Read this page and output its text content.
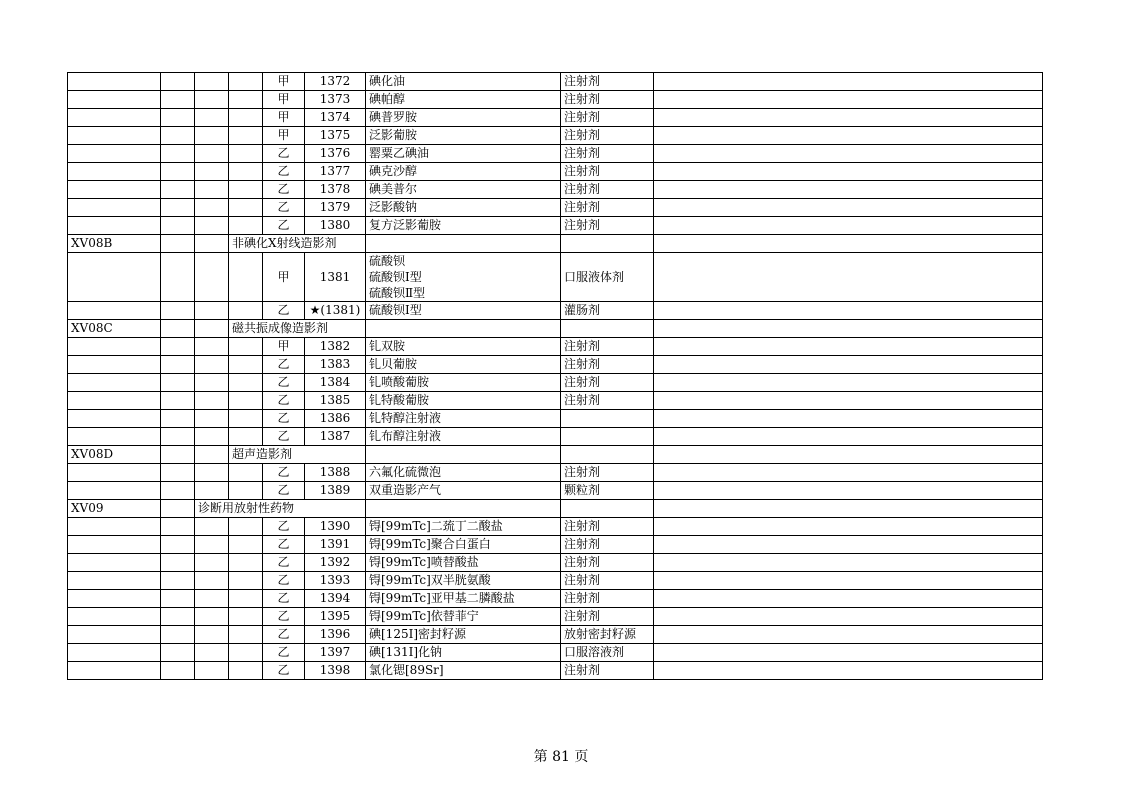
				甲	1372	碘化油	注射剂	
				甲	1373	碘帕醇	注射剂	
				甲	1374	碘普罗胺	注射剂	
				甲	1375	泛影葡胺	注射剂	
				乙	1376	罂粟乙碘油	注射剂	
				乙	1377	碘克沙醇	注射剂	
				乙	1378	碘美普尔	注射剂	
				乙	1379	泛影酸钠	注射剂	
				乙	1380	复方泛影葡胺	注射剂	
XV08B			非碘化X射线造影剂					
				甲	1381	硫酸钡
硫酸钡Ⅰ型
硫酸钡Ⅱ型	口服液体剂	
				乙	★(1381)	硫酸钡Ⅰ型	灌肠剂	
XV08C			磁共振成像造影剂					
				甲	1382	钆双胺	注射剂	
				乙	1383	钆贝葡胺	注射剂	
				乙	1384	钆喷酸葡胺	注射剂	
				乙	1385	钆特酸葡胺	注射剂	
				乙	1386	钆特醇注射液		
				乙	1387	钆布醇注射液		
XV08D			超声造影剂					
				乙	1388	六氟化硫微泡	注射剂	
				乙	1389	双重造影产气	颗粒剂	
XV09		诊断用放射性药物						
				乙	1390	锝[99mTc]二巯丁二酸盐	注射剂	
				乙	1391	锝[99mTc]聚合白蛋白	注射剂	
				乙	1392	锝[99mTc]喷替酸盐	注射剂	
				乙	1393	锝[99mTc]双半胱氨酸	注射剂	
				乙	1394	锝[99mTc]亚甲基二膦酸盐	注射剂	
				乙	1395	锝[99mTc]依替菲宁	注射剂	
				乙	1396	碘[125I]密封籽源	放射密封籽源	
				乙	1397	碘[131I]化钠	口服溶液剂	
				乙	1398	氯化锶[89Sr]	注射剂	
第 81 页
